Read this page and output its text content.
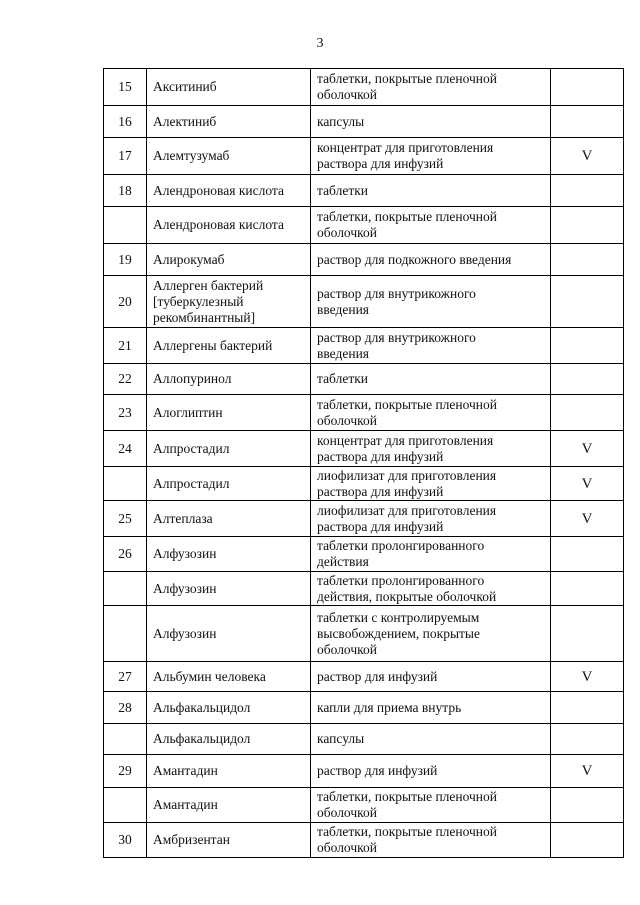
3
15	Акситиниб	таблетки, покрытые пленочной
оболочкой	
16	Алектиниб	капсулы	
17	Алемтузумаб	концентрат для приготовления
раствора для инфузий	V
18	Алендроновая кислота	таблетки	
	Алендроновая кислота	таблетки, покрытые пленочной
оболочкой	
19	Алирокумаб	раствор для подкожного введения	
20	Аллерген бактерий
[туберкулезный
рекомбинантный]	раствор для внутрикожного
введения	
21	Аллергены бактерий	раствор для внутрикожного
введения	
22	Аллопуринол	таблетки	
23	Алоглиптин	таблетки, покрытые пленочной
оболочкой	
24	Алпростадил	концентрат для приготовления
раствора для инфузий	V
	Алпростадил	лиофилизат для приготовления
раствора для инфузий	V
25	Алтеплаза	лиофилизат для приготовления
раствора для инфузий	V
26	Алфузозин	таблетки пролонгированного
действия	
	Алфузозин	таблетки пролонгированного
действия, покрытые оболочкой	
	Алфузозин	таблетки с контролируемым
высвобождением, покрытые
оболочкой	
27	Альбумин человека	раствор для инфузий	V
28	Альфакальцидол	капли для приема внутрь	
	Альфакальцидол	капсулы	
29	Амантадин	раствор для инфузий	V
	Амантадин	таблетки, покрытые пленочной
оболочкой	
30	Амбризентан	таблетки, покрытые пленочной
оболочкой	
